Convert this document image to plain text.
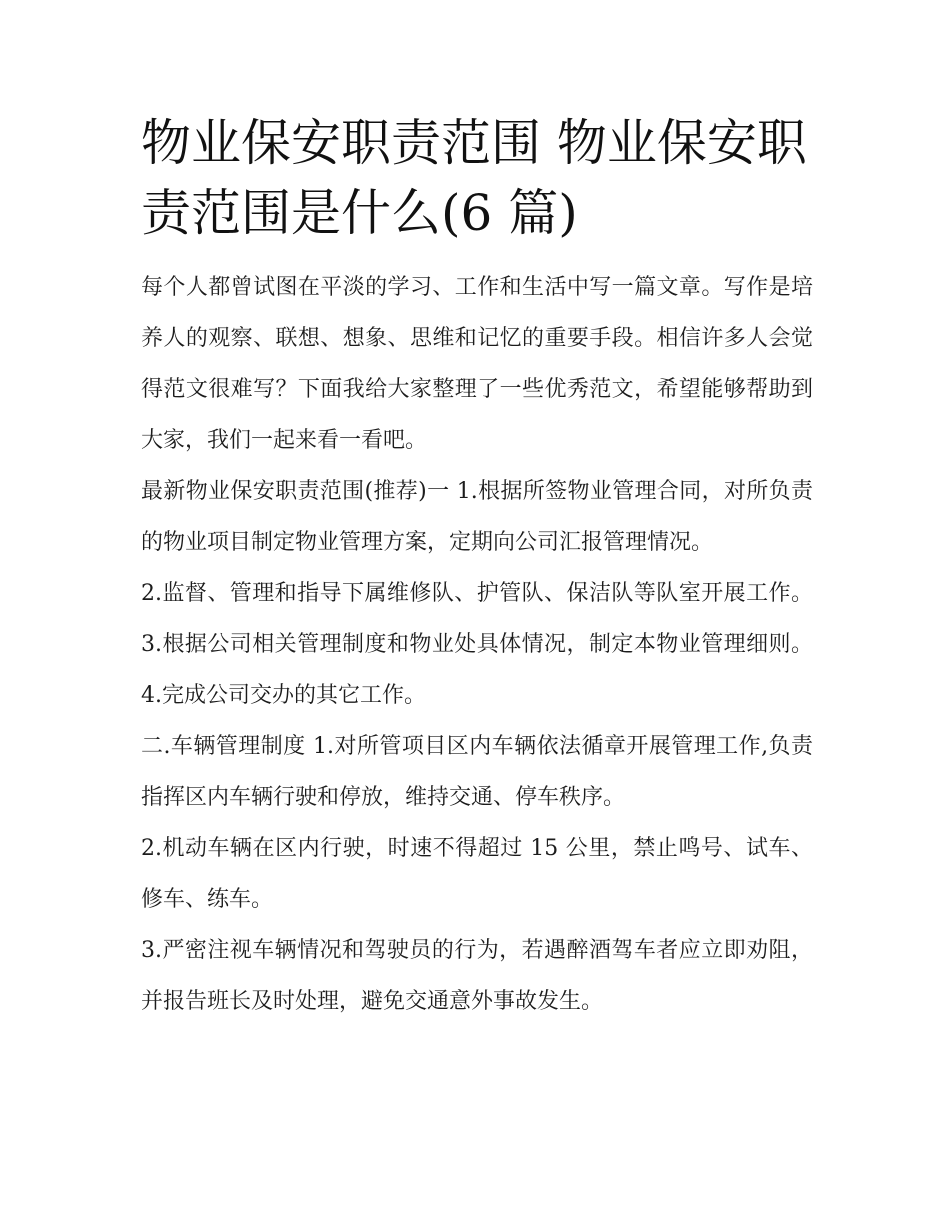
物业保安职责范围 物业保安职责范围是什么(6 篇)

每个人都曾试图在平淡的学习、工作和生活中写一篇文章。写作是培养人的观察、联想、想象、思维和记忆的重要手段。相信许多人会觉得范文很难写？下面我给大家整理了一些优秀范文，希望能够帮助到大家，我们一起来看一看吧。

最新物业保安职责范围(推荐)一 1.根据所签物业管理合同，对所负责的物业项目制定物业管理方案，定期向公司汇报管理情况。

2.监督、管理和指导下属维修队、护管队、保洁队等队室开展工作。 3.根据公司相关管理制度和物业处具体情况，制定本物业管理细则。 4.完成公司交办的其它工作。

二.车辆管理制度 1.对所管项目区内车辆依法循章开展管理工作,负责指挥区内车辆行驶和停放，维持交通、停车秩序。

2.机动车辆在区内行驶，时速不得超过 15 公里，禁止鸣号、试车、修车、练车。

3.严密注视车辆情况和驾驶员的行为，若遇醉酒驾车者应立即劝阻，并报告班长及时处理，避免交通意外事故发生。
